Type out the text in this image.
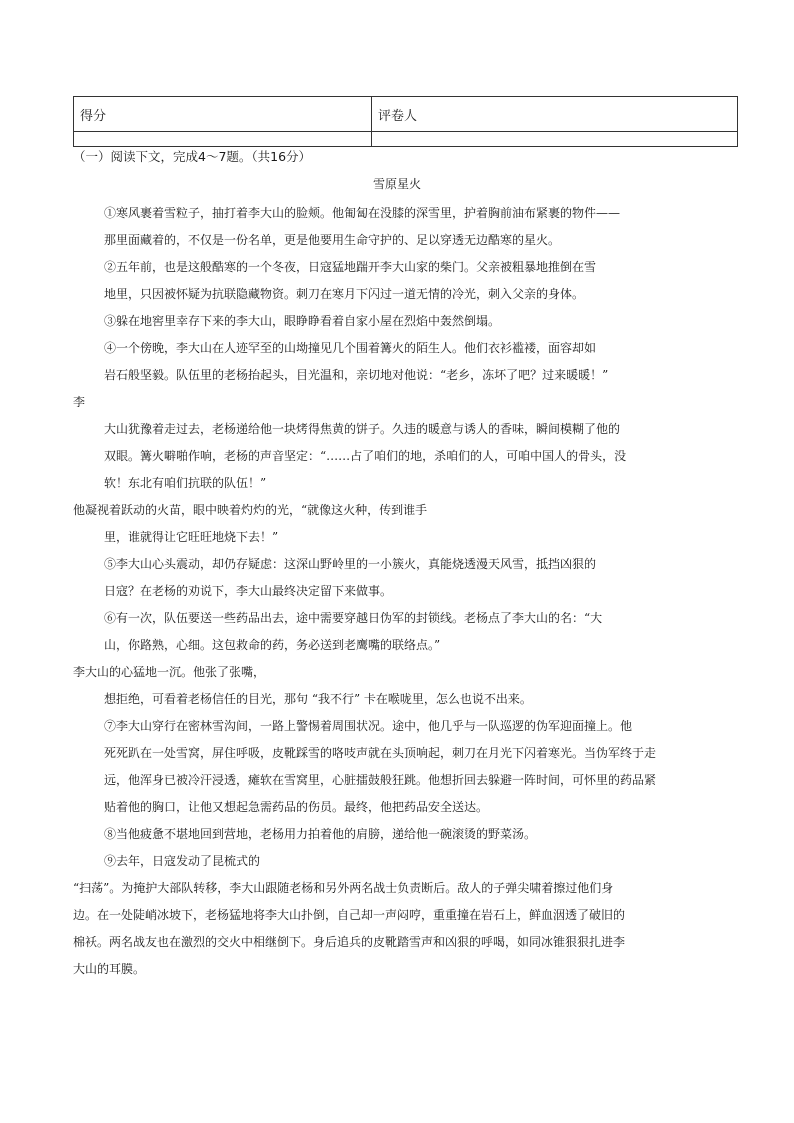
得分	评卷人

（一）阅读下文，完成4～7题。（共16分）
雪原星火
①寒风裹着雪粒子，抽打着李大山的脸颊。他匍匐在没膝的深雪里，护着胸前油布紧裹的物件——
那里面藏着的，不仅是一份名单，更是他要用生命守护的、足以穿透无边酷寒的星火。
②五年前，也是这般酷寒的一个冬夜，日寇猛地踹开李大山家的柴门。父亲被粗暴地推倒在雪
地里，只因被怀疑为抗联隐藏物资。刺刀在寒月下闪过一道无情的冷光，刺入父亲的身体。
③躲在地窖里幸存下来的李大山，眼睁睁看着自家小屋在烈焰中轰然倒塌。
④一个傍晚，李大山在人迹罕至的山坳撞见几个围着篝火的陌生人。他们衣衫褴褛，面容却如
岩石般坚毅。队伍里的老杨抬起头，目光温和，亲切地对他说：“老乡，冻坏了吧？过来暖暖！”
李
大山犹豫着走过去，老杨递给他一块烤得焦黄的饼子。久违的暖意与诱人的香味，瞬间模糊了他的
双眼。篝火噼啪作响，老杨的声音坚定：“……占了咱们的地，杀咱们的人，可咱中国人的骨头，没
软！东北有咱们抗联的队伍！”
他凝视着跃动的火苗，眼中映着灼灼的光，“就像这火种，传到谁手
里，谁就得让它旺旺地烧下去！”
⑤李大山心头震动，却仍存疑虑：这深山野岭里的一小簇火，真能烧透漫天风雪，抵挡凶狠的
日寇？在老杨的劝说下，李大山最终决定留下来做事。
⑥有一次，队伍要送一些药品出去，途中需要穿越日伪军的封锁线。老杨点了李大山的名：“大
山，你路熟，心细。这包救命的药，务必送到老鹰嘴的联络点。”
李大山的心猛地一沉。他张了张嘴，
想拒绝，可看着老杨信任的目光，那句 “我不行” 卡在喉咙里，怎么也说不出来。
⑦李大山穿行在密林雪沟间，一路上警惕着周围状况。途中，他几乎与一队巡逻的伪军迎面撞上。他
死死趴在一处雪窝，屏住呼吸，皮靴踩雪的咯吱声就在头顶响起，刺刀在月光下闪着寒光。当伪军终于走
远，他浑身已被冷汗浸透，瘫软在雪窝里，心脏擂鼓般狂跳。他想折回去躲避一阵时间，可怀里的药品紧
贴着他的胸口，让他又想起急需药品的伤员。最终，他把药品安全送达。
⑧当他疲惫不堪地回到营地，老杨用力拍着他的肩膀，递给他一碗滚烫的野菜汤。
⑨去年，日寇发动了昆梳式的
“扫荡”。为掩护大部队转移，李大山跟随老杨和另外两名战士负责断后。敌人的子弹尖啸着擦过他们身
边。在一处陡峭冰坡下，老杨猛地将李大山扑倒，自己却一声闷哼，重重撞在岩石上，鲜血洇透了破旧的
棉袄。两名战友也在激烈的交火中相继倒下。身后追兵的皮靴踏雪声和凶狠的呼喝，如同冰锥狠狠扎进李
大山的耳膜。
